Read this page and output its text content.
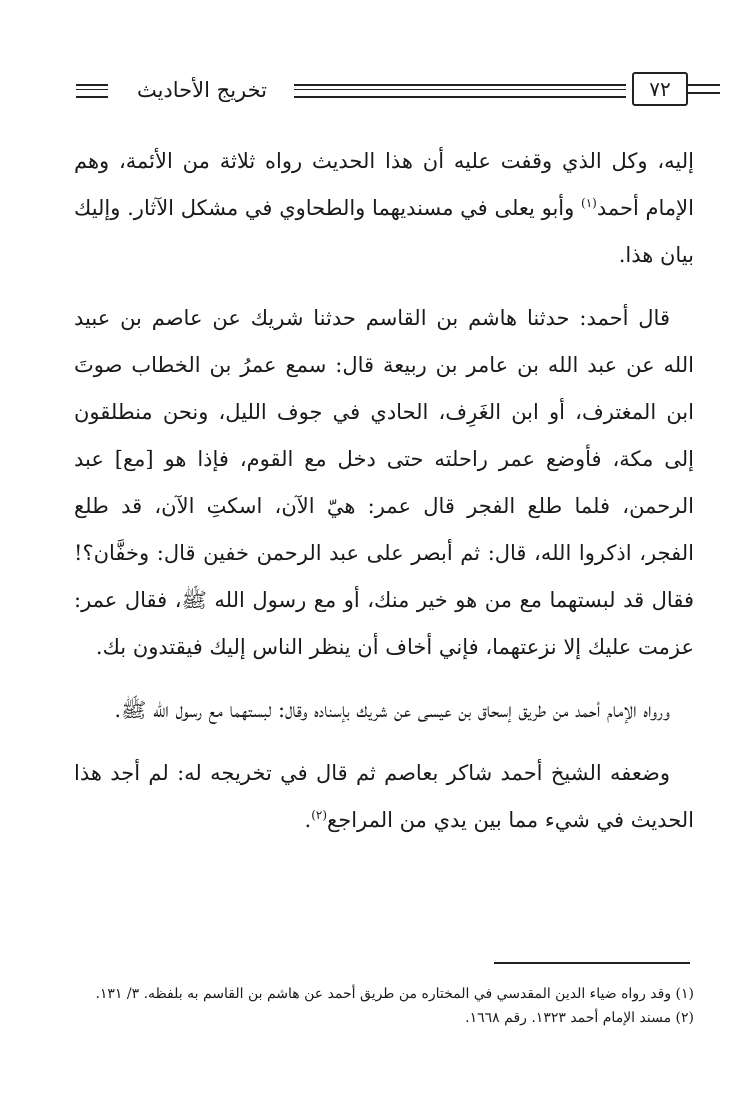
تخريج الأحاديث	٧٢

إليه، وكل الذي وقفت عليه أن هذا الحديث رواه ثلاثة من الأئمة، وهم الإمام أحمد$^{(١)}$ وأبو يعلى في مسنديهما والطحاوي في مشكل الآثار. وإليك بيان هذا.

قال أحمد: حدثنا هاشم بن القاسم حدثنا شريك عن عاصم بن عبيد الله عن عبد الله بن عامر بن ربيعة قال: سمع عمرُ بن الخطاب صوتَ ابن المغترف، أو ابن الغَرِف، الحادي في جوف الليل، ونحن منطلقون إلى مكة، فأوضع عمر راحلته حتى دخل مع القوم، فإذا هو [مع] عبد الرحمن، فلما طلع الفجر قال عمر: هيّ الآن، اسكتِ الآن، قد طلع الفجر، اذكروا الله، قال: ثم أبصر على عبد الرحمن خفين قال: وخفَّان؟! فقال قد لبستهما مع من هو خير منك، أو مع رسول الله ﷺ، فقال عمر: عزمت عليك إلا نزعتهما، فإني أخاف أن ينظر الناس إليك فيقتدون بك.

ورواه الإمام أحمد من طريق إسحاق بن عيسى عن شريك بإسناده وقال: لبستهما مع رسول الله ﷺ.

وضعفه الشيخ أحمد شاكر بعاصم ثم قال في تخريجه له: لم أجد هذا الحديث في شيء مما بين يدي من المراجع$^{(٢)}$.

(١) وقد رواه ضياء الدين المقدسي في المختاره من طريق أحمد عن هاشم بن القاسم به بلفظه. ٣/ ١٣١.
(٢) مسند الإمام أحمد ١٣٢٣. رقم ١٦٦٨.
